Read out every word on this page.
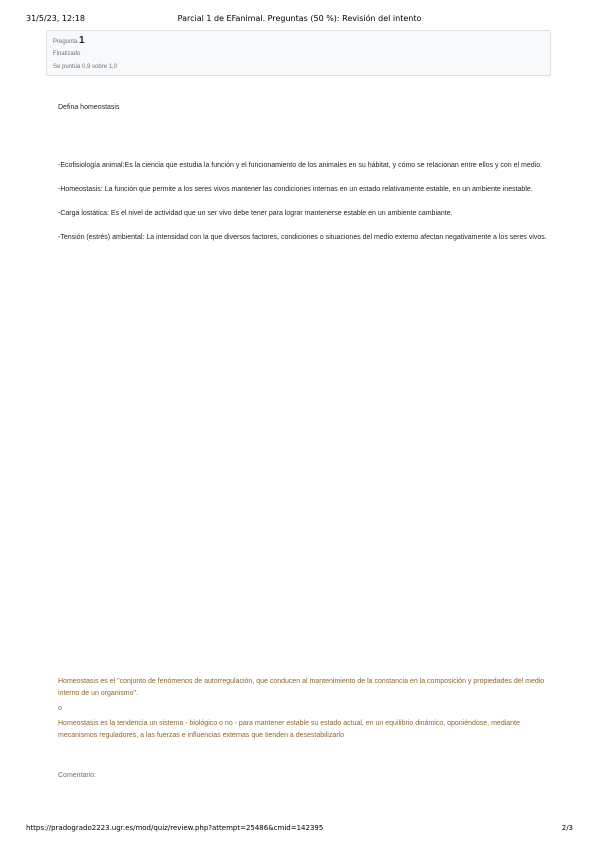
31/5/23, 12:18	Parcial 1 de EFanimal. Preguntas (50 %): Revisión del intento
Pregunta 1
Finalizado
Se puntúa 0,9 sobre 1,0
Defina homeostasis

-Ecofisiología animal:Es la ciencia que estudia la función y el funcionamiento de los animales en su hábitat, y cómo se relacionan entre ellos y con el medio.

-Homeostasis: La función que permite a los seres vivos mantener las condiciones internas en un estado relativamente estable, en un ambiente inestable.

-Carga lostática: Es el nivel de actividad que un ser vivo debe tener para lograr mantenerse estable en un ambiente cambiante.

-Tensión (estrés) ambiental: La intensidad con la que diversos factores, condiciones o situaciones del medio externo afectan negativamente a los seres vivos.

Homeostasis es el "conjunto de fenómenos de autorregulación, que conducen al mantenimiento de la constancia en la composición y propiedades del medio interno de un organismo".

o

Homeostasis es la tendencia un sistema - biológico o no - para mantener estable su estado actual, en un equilibrio dinámico, oponiéndose, mediante mecanismos reguladores, a las fuerzas e influencias externas que tienden a desestabilizarlo

Comentario:
https://pradogrado2223.ugr.es/mod/quiz/review.php?attempt=25486&cmid=142395	2/3
